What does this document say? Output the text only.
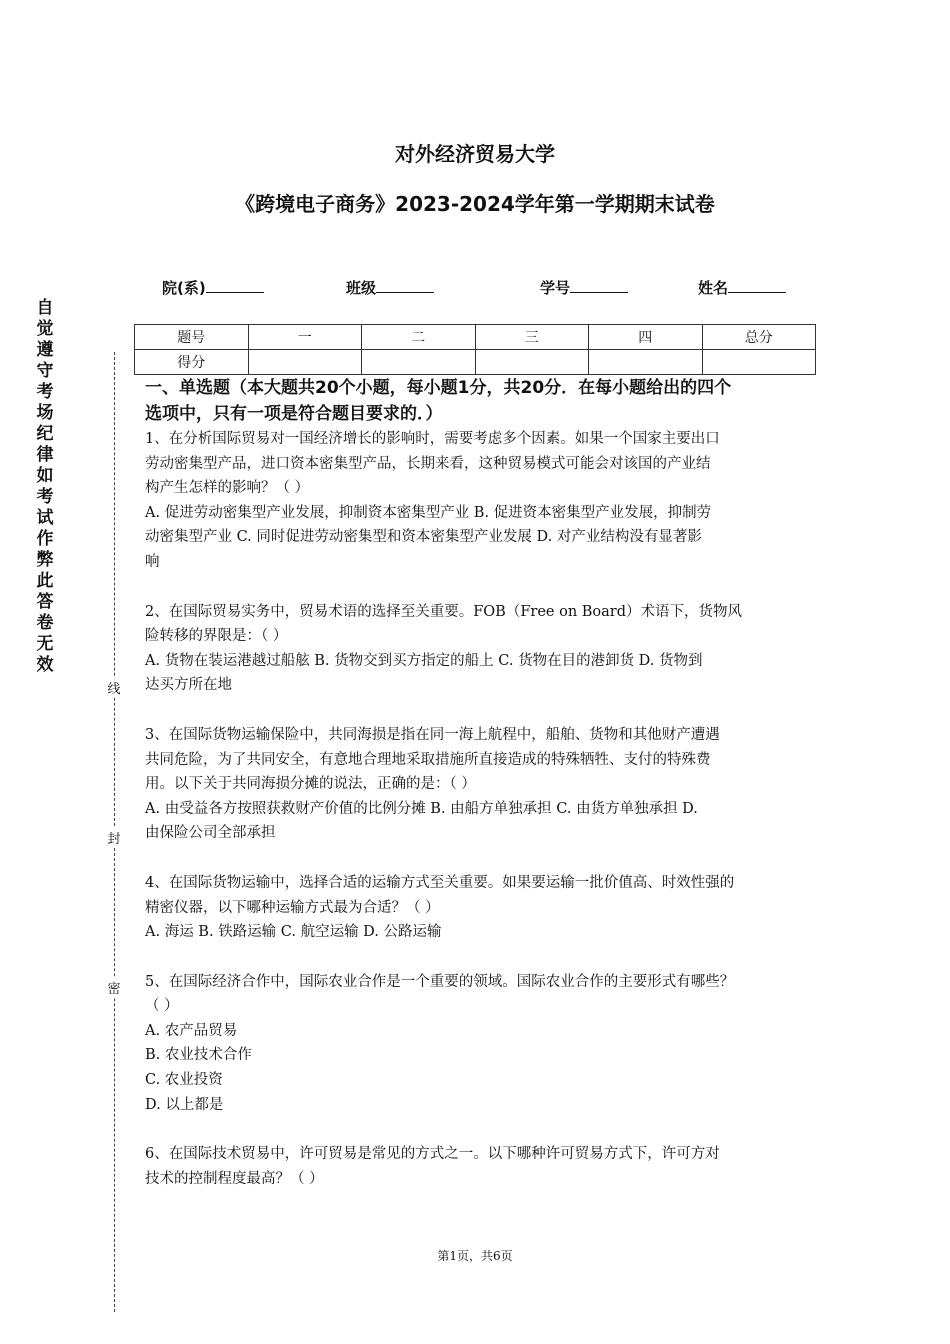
对外经济贸易大学
《跨境电子商务》2023-2024学年第一学期期末试卷
院(系)	班级	学号	姓名
题号	一	二	三	四	总分
得分					
自
觉
遵
守
考
场
纪
律
如
考
试
作
弊
此
答
卷
无
效
线
封
密

一、单选题（本大题共20个小题，每小题1分，共20分．在每小题给出的四个

选项中，只有一项是符合题目要求的．）

1、在分析国际贸易对一国经济增长的影响时，需要考虑多个因素。如果一个国家主要出口

劳动密集型产品，进口资本密集型产品，长期来看，这种贸易模式可能会对该国的产业结

构产生怎样的影响？（ ）

A. 促进劳动密集型产业发展，抑制资本密集型产业 B. 促进资本密集型产业发展，抑制劳

动密集型产业 C. 同时促进劳动密集型和资本密集型产业发展 D. 对产业结构没有显著影

响

2、在国际贸易实务中，贸易术语的选择至关重要。FOB（Free on Board）术语下，货物风

险转移的界限是：（ ）

A. 货物在装运港越过船舷 B. 货物交到买方指定的船上 C. 货物在目的港卸货 D. 货物到

达买方所在地

3、在国际货物运输保险中，共同海损是指在同一海上航程中，船舶、货物和其他财产遭遇

共同危险，为了共同安全，有意地合理地采取措施所直接造成的特殊牺牲、支付的特殊费

用。以下关于共同海损分摊的说法，正确的是：（ ）

A. 由受益各方按照获救财产价值的比例分摊 B. 由船方单独承担 C. 由货方单独承担 D.

由保险公司全部承担

4、在国际货物运输中，选择合适的运输方式至关重要。如果要运输一批价值高、时效性强的

精密仪器，以下哪种运输方式最为合适？（ ）

A. 海运 B. 铁路运输 C. 航空运输 D. 公路运输

5、在国际经济合作中，国际农业合作是一个重要的领域。国际农业合作的主要形式有哪些？

（ ）

A. 农产品贸易

B. 农业技术合作

C. 农业投资

D. 以上都是

6、在国际技术贸易中，许可贸易是常见的方式之一。以下哪种许可贸易方式下，许可方对

技术的控制程度最高？（ ）

第1页，共6页
